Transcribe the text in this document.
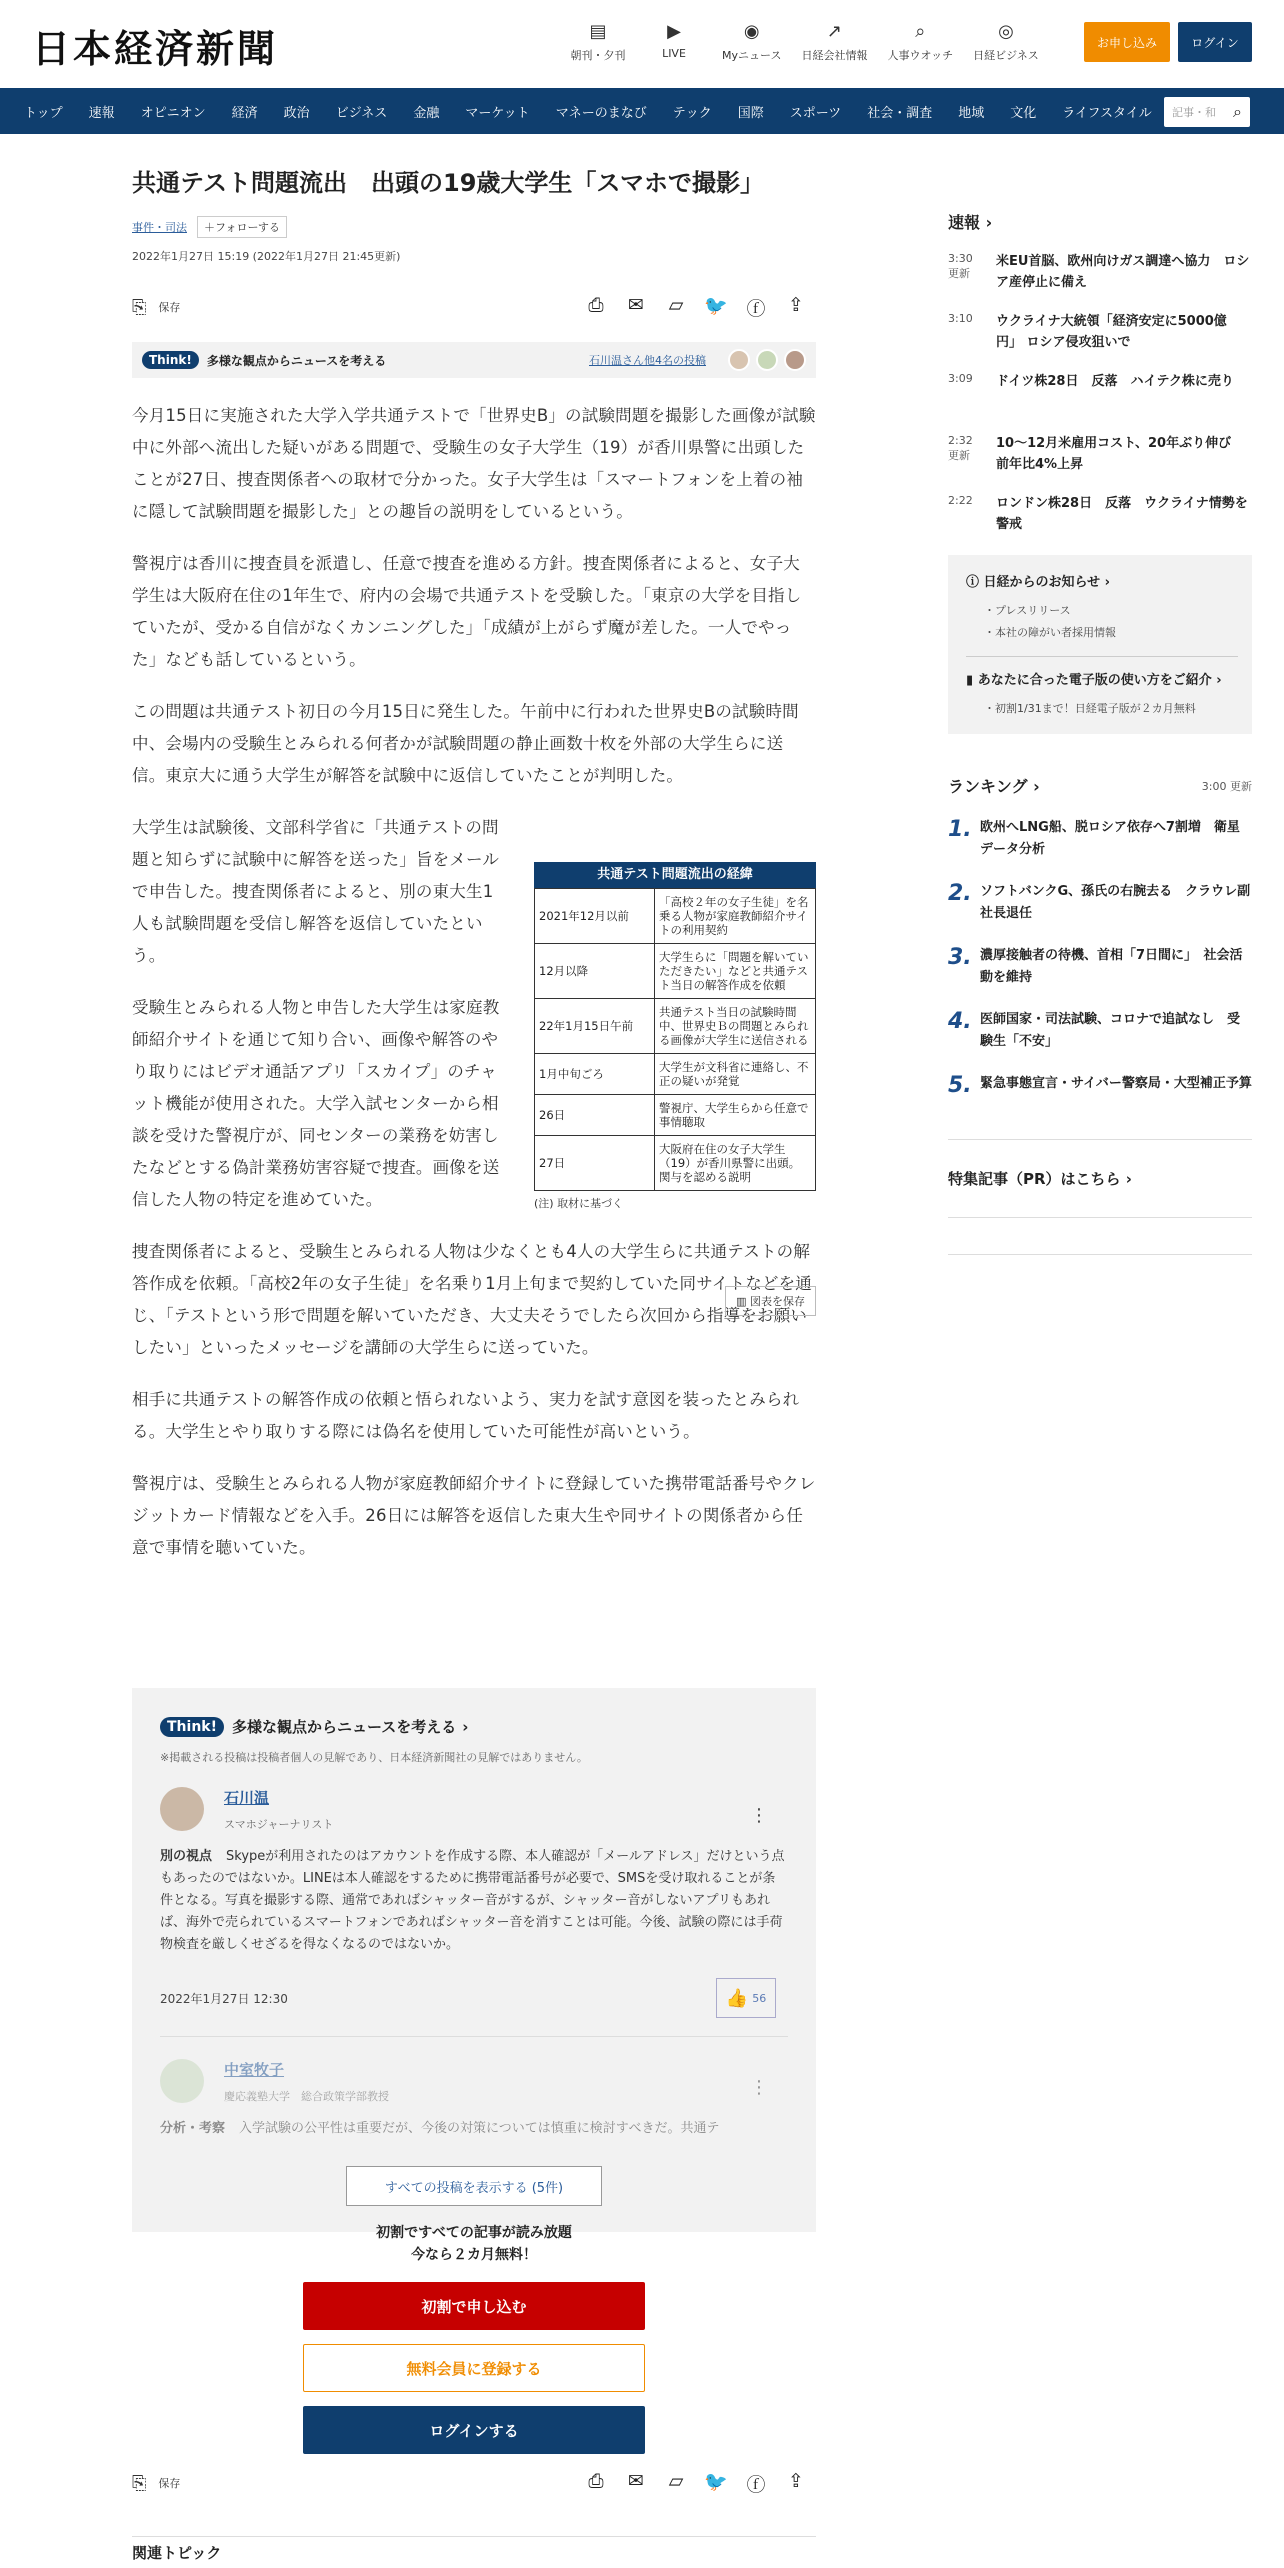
日本経済新聞	▤
朝刊・夕刊
▶
LIVE
◉
Myニュース
↗
日経会社情報
⌕
人事ウオッチ
◎
日経ビジネス
お申し込み	ログイン
トップ 速報 オピニオン 経済 政治 ビジネス 金融 マーケット マネーのまなび テック 国際 スポーツ 社会・調査 地域 文化 ライフスタイル 記事・和 ⌕
共通テスト問題流出　出頭の19歳大学生「スマホで撮影」
事件・司法	＋フォローする
2022年1月27日 15:19 (2022年1月27日 21:45更新)
⎘ 保存	⎙	✉	▱	🐦 ⓕ	⇪
Think!	多様な観点からニュースを考える	石川温さん他4名の投稿

今月15日に実施された大学入学共通テストで「世界史B」の試験問題を撮影した画像が試験中に外部へ流出した疑いがある問題で、受験生の女子大学生（19）が香川県警に出頭したことが27日、捜査関係者への取材で分かった。女子大学生は「スマートフォンを上着の袖に隠して試験問題を撮影した」との趣旨の説明をしているという。

警視庁は香川に捜査員を派遣し、任意で捜査を進める方針。捜査関係者によると、女子大学生は大阪府在住の1年生で、府内の会場で共通テストを受験した。「東京の大学を目指していたが、受かる自信がなくカンニングした」「成績が上がらず魔が差した。一人でやった」なども話しているという。

この問題は共通テスト初日の今月15日に発生した。午前中に行われた世界史Bの試験時間中、会場内の受験生とみられる何者かが試験問題の静止画数十枚を外部の大学生らに送信。東京大に通う大学生が解答を試験中に返信していたことが判明した。

大学生は試験後、文部科学省に「共通テストの問題と知らずに試験中に解答を送った」旨をメールで申告した。捜査関係者によると、別の東大生1人も試験問題を受信し解答を返信していたという。

受験生とみられる人物と申告した大学生は家庭教師紹介サイトを通じて知り合い、画像や解答のやり取りにはビデオ通話アプリ「スカイプ」のチャット機能が使用された。大学入試センターから相談を受けた警視庁が、同センターの業務を妨害したなどとする偽計業務妨害容疑で捜査。画像を送信した人物の特定を進めていた。

捜査関係者によると、受験生とみられる人物は少なくとも4人の大学生らに共通テストの解答作成を依頼。「高校2年の女子生徒」を名乗り1月上旬まで契約していた同サイトなどを通じ、「テストという形で問題を解いていただき、大丈夫そうでしたら次回から指導をお願いしたい」といったメッセージを講師の大学生らに送っていた。

相手に共通テストの解答作成の依頼と悟られないよう、実力を試す意図を装ったとみられる。大学生とやり取りする際には偽名を使用していた可能性が高いという。

警視庁は、受験生とみられる人物が家庭教師紹介サイトに登録していた携帯電話番号やクレジットカード情報などを入手。26日には解答を返信した東大生や同サイトの関係者から任意で事情を聴いていた。

共通テスト問題流出の経緯
2021年12月以前	「高校２年の女子生徒」を名乗る人物が家庭教師紹介サイトの利用契約
12月以降	大学生らに「問題を解いていただきたい」などと共通テスト当日の解答作成を依頼
22年1月15日午前	共通テスト当日の試験時間中、世界史Ｂの問題とみられる画像が大学生に送信される
1月中旬ごろ	大学生が文科省に連絡し、不正の疑いが発覚
26日	警視庁、大学生らから任意で事情聴取
27日	大阪府在住の女子大学生（19）が香川県警に出頭。関与を認める説明
(注) 取材に基づく
▥ 図表を保存
Think!	多様な観点からニュースを考える ›
※掲載される投稿は投稿者個人の見解であり、日本経済新聞社の見解ではありません。
石川温
スマホジャーナリスト	⋮
別の視点 Skypeが利用されたのはアカウントを作成する際、本人確認が「メールアドレス」だけという点もあったのではないか。LINEは本人確認をするために携帯電話番号が必要で、SMSを受け取れることが条件となる。写真を撮影する際、通常であればシャッター音がするが、シャッター音がしないアプリもあれば、海外で売られているスマートフォンであればシャッター音を消すことは可能。今後、試験の際には手荷物検査を厳しくせざるを得なくなるのではないか。
2022年1月27日 12:30	👍 56
中室牧子
慶応義塾大学　総合政策学部教授	⋮
分析・考察 入学試験の公平性は重要だが、今後の対策については慎重に検討すべきだ。共通テ
すべての投稿を表示する (5件)
初割ですべての記事が読み放題
今なら２カ月無料！
初割で申し込む
無料会員に登録する
ログインする
⎘ 保存	⎙	✉	▱	🐦 ⓕ	⇪
関連トピック
速報 ›
3:30
更新
米EU首脳、欧州向けガス調達へ協力　ロシア産停止に備え
3:10	ウクライナ大統領「経済安定に5000億円」 ロシア侵攻狙いで
3:09	ドイツ株28日　反落　ハイテク株に売り
2:32
更新
10～12月米雇用コスト、20年ぶり伸び　前年比4%上昇
2:22	ロンドン株28日　反落　ウクライナ情勢を警戒
ⓘ 日経からのお知らせ ›
・プレスリリース
・本社の障がい者採用情報
▮ あなたに合った電子版の使い方をご紹介 ›
・初割1/31まで！日経電子版が２カ月無料
ランキング ›	3:00 更新
1. 欧州へLNG船、脱ロシア依存へ7割増　衛星データ分析
2. ソフトバンクG、孫氏の右腕去る　クラウレ副社長退任
3. 濃厚接触者の待機、首相「7日間に」　社会活動を維持
4. 医師国家・司法試験、コロナで追試なし　受験生「不安」
5. 緊急事態宣言・サイバー警察局・大型補正予算
特集記事（PR）はこちら ›
